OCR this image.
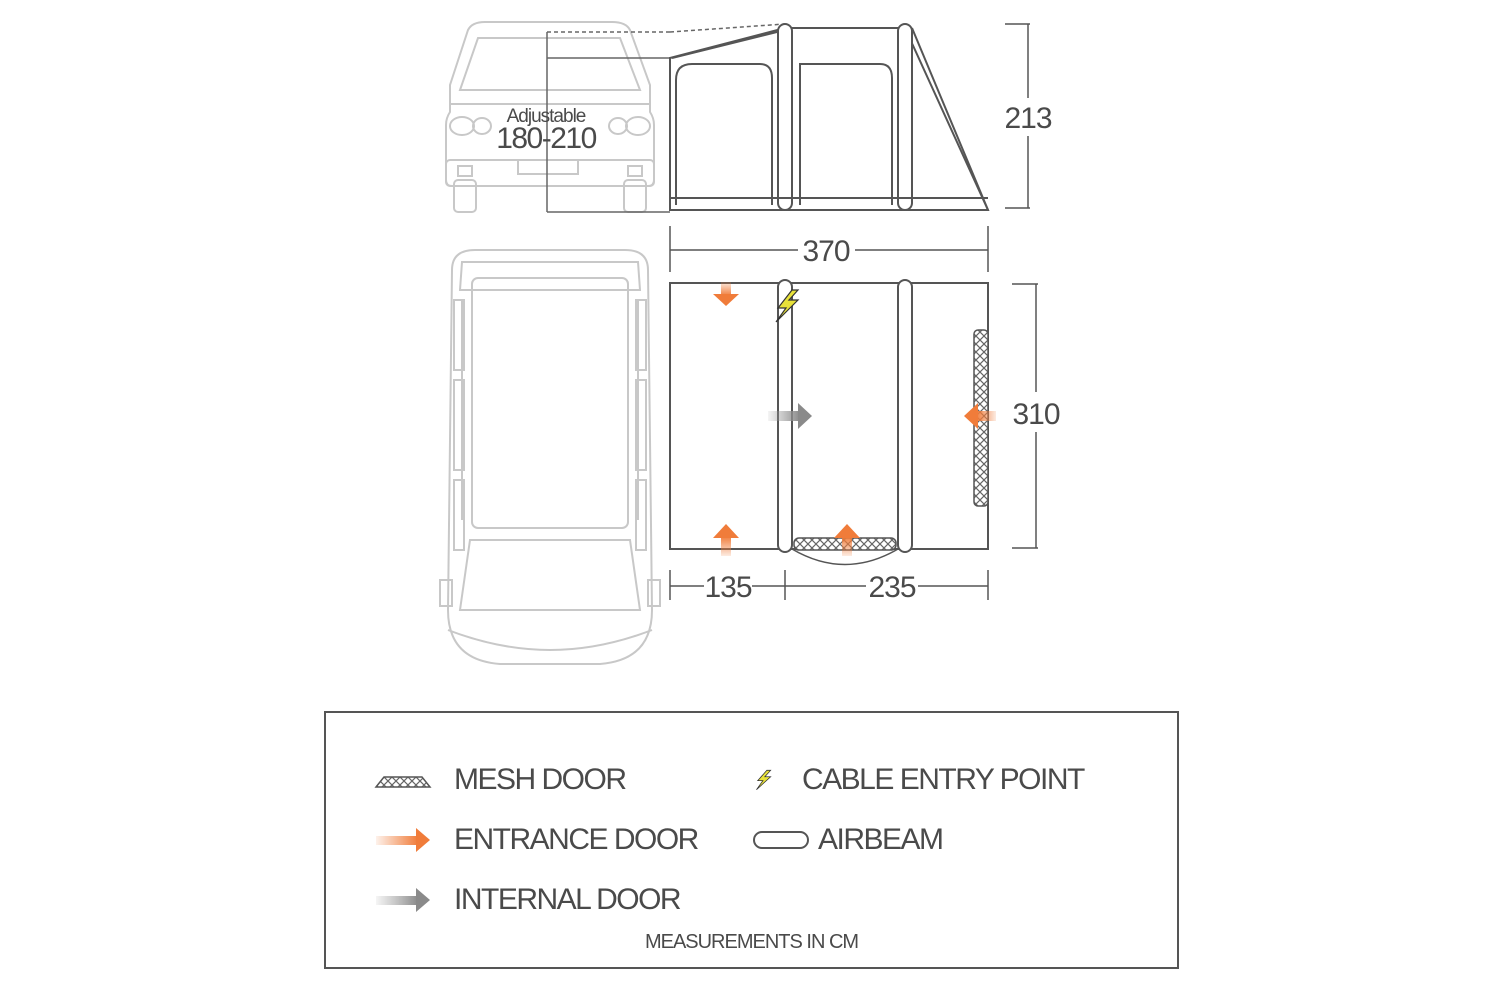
Adjustable
180-210
213
370
310
135	235
MESH DOOR
ENTRANCE DOOR
INTERNAL DOOR
CABLE ENTRY POINT
AIRBEAM
MEASUREMENTS IN CM
